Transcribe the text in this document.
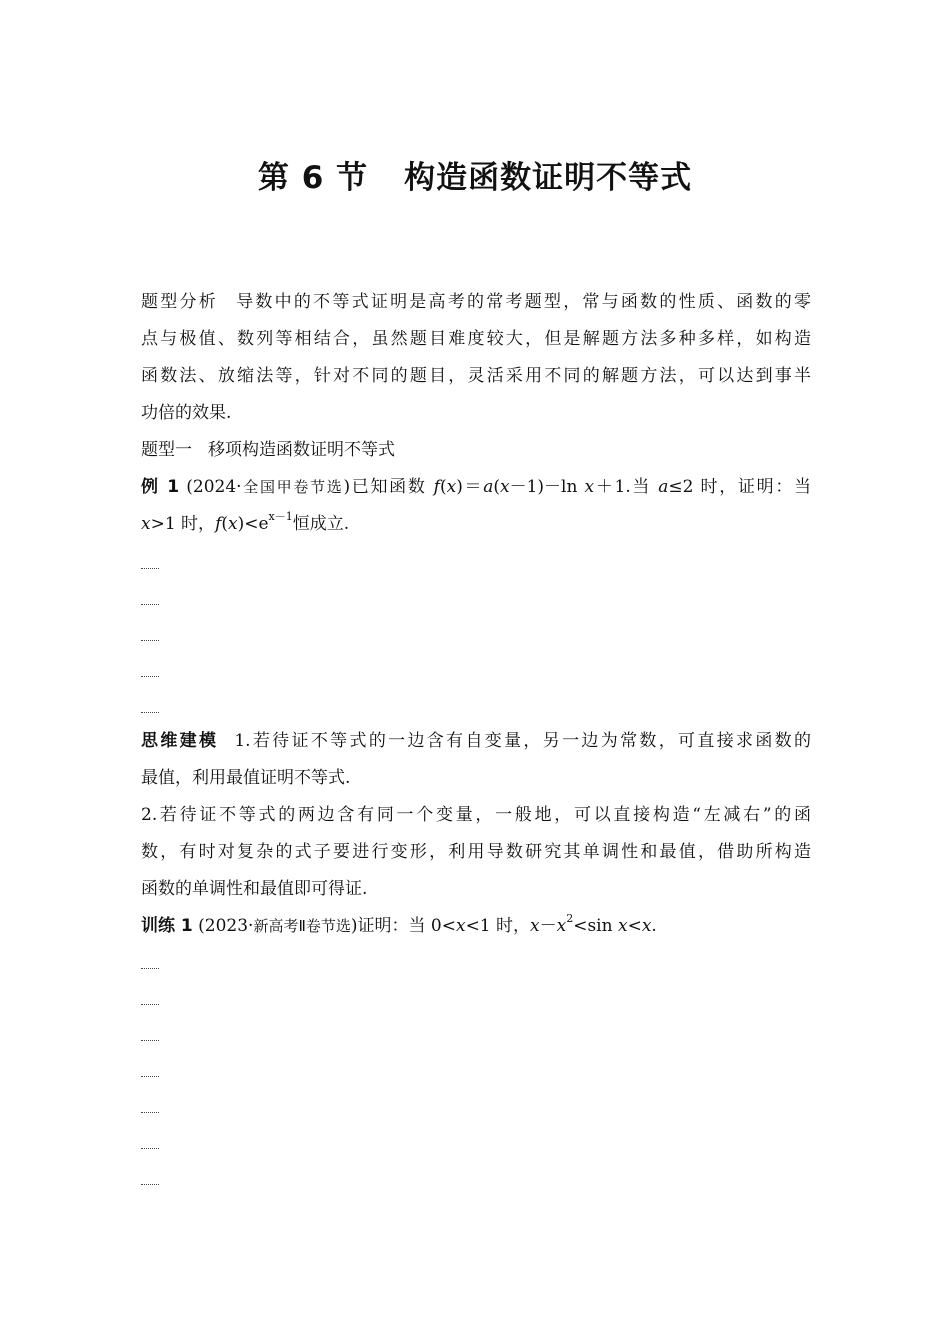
第 6 节 构造函数证明不等式
题型分析 导数中的不等式证明是高考的常考题型，常与函数的性质、函数的零
点与极值、数列等相结合，虽然题目难度较大，但是解题方法多种多样，如构造
函数法、放缩法等，针对不同的题目，灵活采用不同的解题方法，可以达到事半
功倍的效果.
题型一 移项构造函数证明不等式
例 1 (2024·全国甲卷节选)已知函数 f(x)＝a(x－1)－ln x＋1.当 a≤2 时，证明：当
x>1 时，$f(x)<e^{x-1}$恒成立.
思维建模 1.若待证不等式的一边含有自变量，另一边为常数，可直接求函数的
最值，利用最值证明不等式.
2.若待证不等式的两边含有同一个变量，一般地，可以直接构造“左减右”的函
数，有时对复杂的式子要进行变形，利用导数研究其单调性和最值，借助所构造
函数的单调性和最值即可得证.
训练 1 (2023·新高考Ⅱ卷节选)证明：当 0<x<1 时，$x-x^2<\sin$ x<x.
